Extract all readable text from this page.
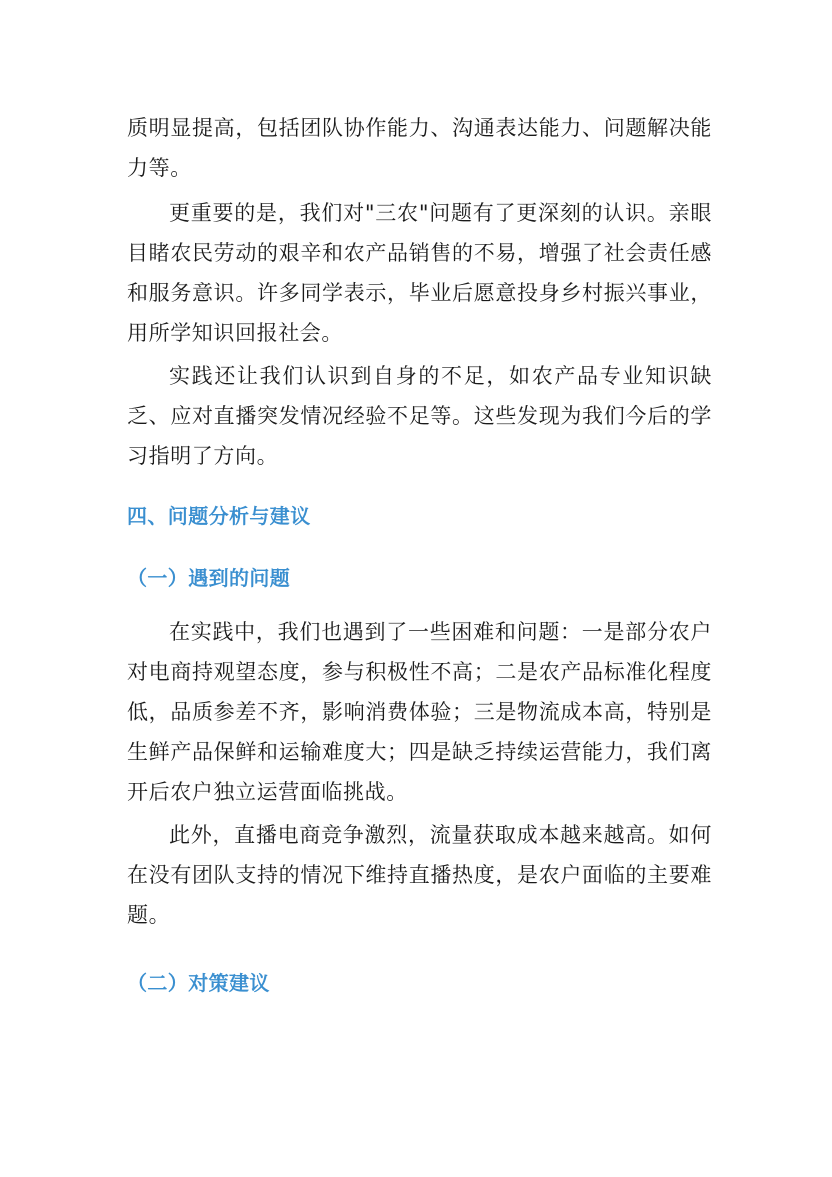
质明显提高，包括团队协作能力、沟通表达能力、问题解决能力等。

更重要的是，我们对"三农"问题有了更深刻的认识。亲眼目睹农民劳动的艰辛和农产品销售的不易，增强了社会责任感和服务意识。许多同学表示，毕业后愿意投身乡村振兴事业，用所学知识回报社会。

实践还让我们认识到自身的不足，如农产品专业知识缺乏、应对直播突发情况经验不足等。这些发现为我们今后的学习指明了方向。

四、问题分析与建议
（一）遇到的问题

在实践中，我们也遇到了一些困难和问题：一是部分农户对电商持观望态度，参与积极性不高；二是农产品标准化程度低，品质参差不齐，影响消费体验；三是物流成本高，特别是生鲜产品保鲜和运输难度大；四是缺乏持续运营能力，我们离开后农户独立运营面临挑战。

此外，直播电商竞争激烈，流量获取成本越来越高。如何在没有团队支持的情况下维持直播热度，是农户面临的主要难题。

（二）对策建议
